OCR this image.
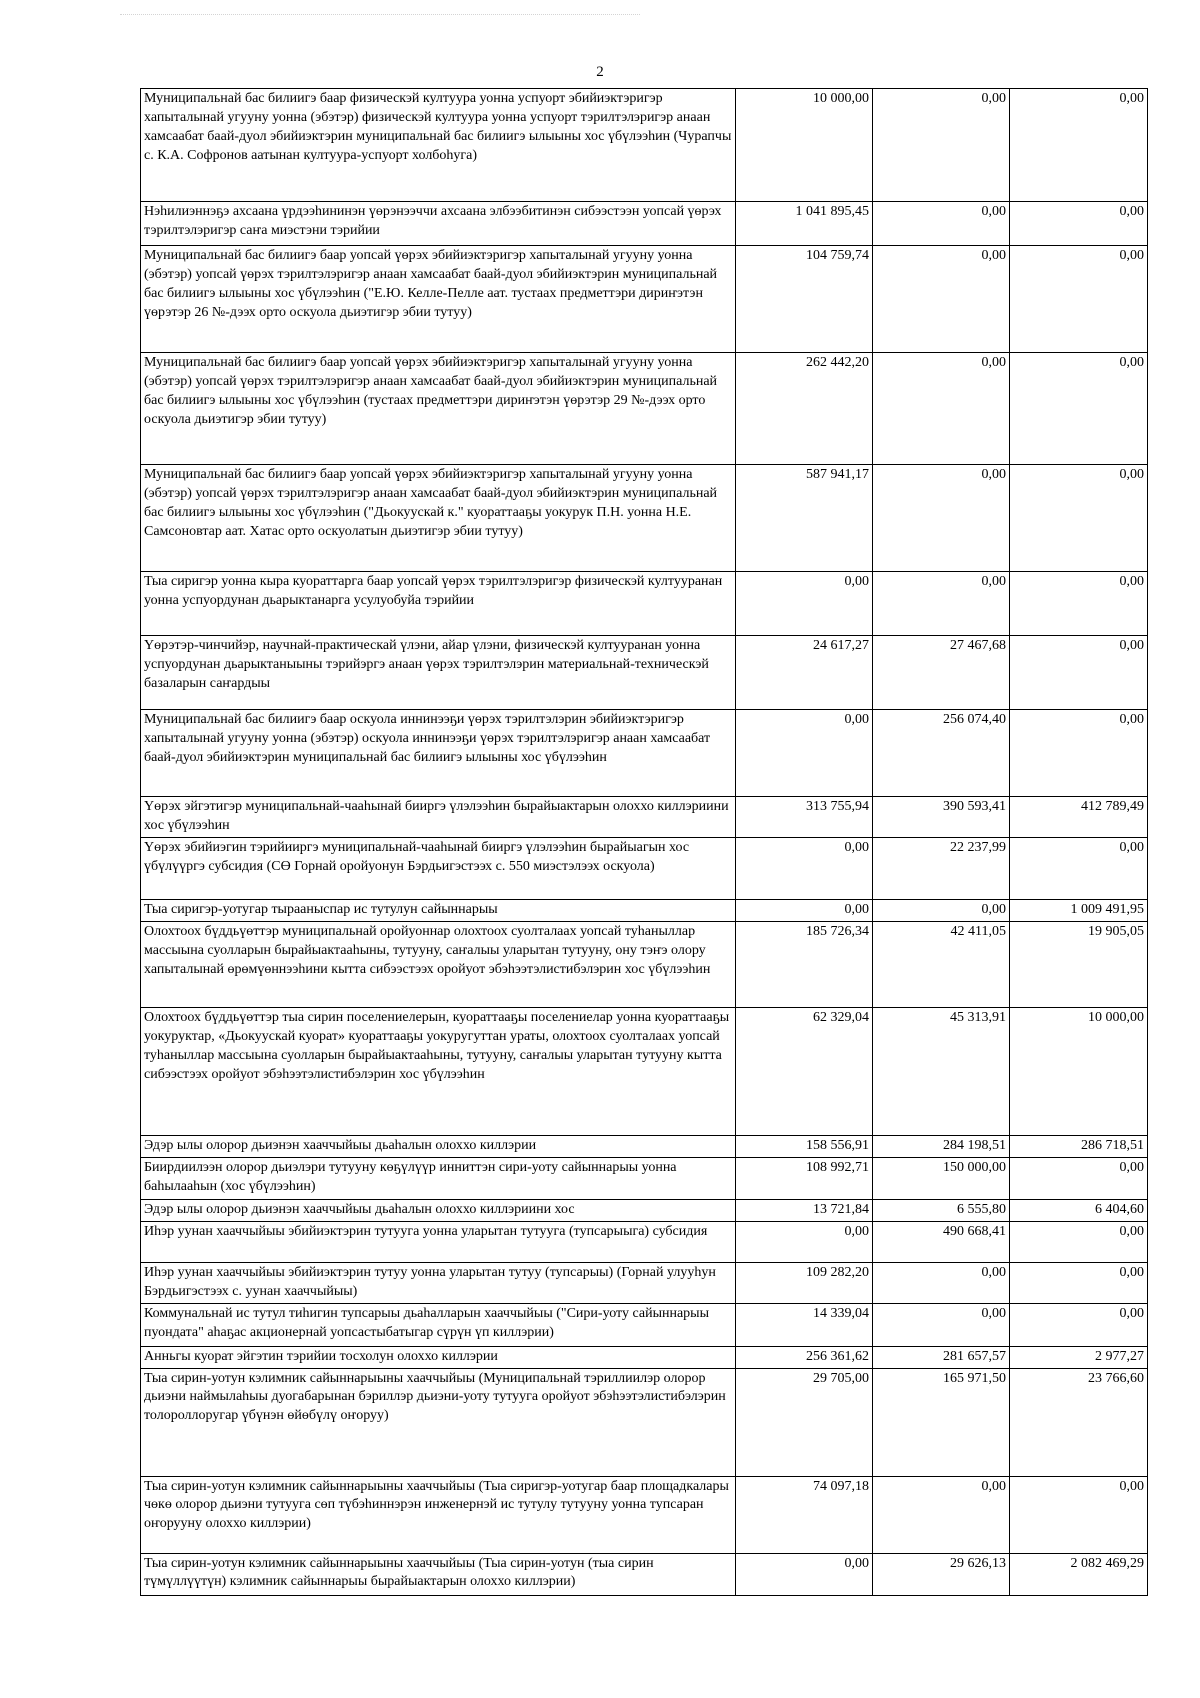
2
Муниципальнай бас билиигэ баар физическэй култуура уонна успуорт эбийиэктэригэр хапыталынай угууну уонна (эбэтэр) физическэй култуура уонна успуорт тэрилтэлэригэр анаан хамсаабат баай-дуол эбийиэктэрин муниципальнай бас билиигэ ылыыны хос үбүлээһин (Чурапчы с. К.А. Софронов аатынан култуура-успуорт холбоһуга)	10 000,00	0,00	0,00
Нэһилиэннэҕэ ахсаана үрдээһининэн үөрэнээччи ахсаана элбээбитинэн сибээстээн уопсай үөрэх тэрилтэлэригэр саҥа миэстэни тэрийии	1 041 895,45	0,00	0,00
Муниципальнай бас билиигэ баар уопсай үөрэх эбийиэктэригэр хапыталынай угууну уонна (эбэтэр) уопсай үөрэх тэрилтэлэригэр анаан хамсаабат баай-дуол эбийиэктэрин муниципальнай бас билиигэ ылыыны хос үбүлээһин ("Е.Ю. Келле-Пелле аат. тустаах предметтэри дириҥэтэн үөрэтэр 26 №-дээх орто оскуола дьиэтигэр эбии тутуу)	104 759,74	0,00	0,00
Муниципальнай бас билиигэ баар уопсай үөрэх эбийиэктэригэр хапыталынай угууну уонна (эбэтэр) уопсай үөрэх тэрилтэлэригэр анаан хамсаабат баай-дуол эбийиэктэрин муниципальнай бас билиигэ ылыыны хос үбүлээһин (тустаах предметтэри дириҥэтэн үөрэтэр 29 №-дээх орто оскуола дьиэтигэр эбии тутуу)	262 442,20	0,00	0,00
Муниципальнай бас билиигэ баар уопсай үөрэх эбийиэктэригэр хапыталынай угууну уонна (эбэтэр) уопсай үөрэх тэрилтэлэригэр анаан хамсаабат баай-дуол эбийиэктэрин муниципальнай бас билиигэ ылыыны хос үбүлээһин ("Дьокуускай к." куораттааҕы уокурук П.Н. уонна Н.Е. Самсоновтар аат. Хатас орто оскуолатын дьиэтигэр эбии тутуу)	587 941,17	0,00	0,00
Тыа сиригэр уонна кыра куораттарга баар уопсай үөрэх тэрилтэлэригэр физическэй култууранан уонна успуордунан дьарыктанарга усулуобуйа тэрийии	0,00	0,00	0,00
Үөрэтэр-чинчийэр, научнай-практическай үлэни, айар үлэни, физическэй култууранан уонна успуордунан дьарыктаныыны тэрийэргэ анаан үөрэх тэрилтэлэрин материальнай-техническэй базаларын саҥардыы	24 617,27	27 467,68	0,00
Муниципальнай бас билиигэ баар оскуола иннинээҕи үөрэх тэрилтэлэрин эбийиэктэригэр хапыталынай угууну уонна (эбэтэр) оскуола иннинээҕи үөрэх тэрилтэлэригэр анаан хамсаабат баай-дуол эбийиэктэрин муниципальнай бас билиигэ ылыыны хос үбүлээһин	0,00	256 074,40	0,00
Үөрэх эйгэтигэр муниципальнай-чааһынай бииргэ үлэлээһин бырайыактарын олоххо киллэриини хос үбүлээһин	313 755,94	390 593,41	412 789,49
Үөрэх эбийиэгин тэрийииргэ муниципальнай-чааһынай бииргэ үлэлээһин бырайыагын хос үбүлүүргэ субсидия (СӨ Горнай оройуонун Бэрдьигэстээх с. 550 миэстэлээх оскуола)	0,00	22 237,99	0,00
Тыа сиригэр-уотугар тырааныспар ис тутулун сайыннарыы	0,00	0,00	1 009 491,95
Олохтоох бүддьүөттэр муниципальнай оройуоннар олохтоох суолталаах уопсай туһаныллар массыына суолларын бырайыактааһыны, тутууну, саҥалыы уларытан тутууну, ону тэҥэ олору хапыталынай өрөмүөннээһини кытта сибээстээх оройуот эбэһээтэлистибэлэрин хос үбүлээһин	185 726,34	42 411,05	19 905,05
Олохтоох бүддьүөттэр тыа сирин поселениелерын, куораттааҕы поселениелар уонна куораттааҕы уокуруктар, «Дьокуускай куорат» куораттааҕы уокуругуттан ураты, олохтоох суолталаах уопсай туһаныллар массыына суолларын бырайыактааһыны, тутууну, саҥалыы уларытан тутууну кытта сибээстээх оройуот эбэһээтэлистибэлэрин хос үбүлээһин	62 329,04	45 313,91	10 000,00
Эдэр ылы олорор дьиэнэн хааччыйыы дьаһалын олоххо киллэрии	158 556,91	284 198,51	286 718,51
Биирдиилээн олорор дьиэлэри тутууну көҕүлүүр инниттэн сири-уоту сайыннарыы уонна баһылааһын (хос үбүлээһин)	108 992,71	150 000,00	0,00
Эдэр ылы олорор дьиэнэн хааччыйыы дьаһалын олоххо киллэриини хос	13 721,84	6 555,80	6 404,60
Иһэр уунан хааччыйыы эбийиэктэрин тутууга уонна уларытан тутууга (тупсарыыга) субсидия	0,00	490 668,41	0,00
Иһэр уунан хааччыйыы эбийиэктэрин тутуу уонна уларытан тутуу (тупсарыы) (Горнай улууһун Бэрдьигэстээх с. уунан хааччыйыы)	109 282,20	0,00	0,00
Коммунальнай ис тутул тиһигин тупсарыы дьаһалларын хааччыйыы ("Сири-уоту сайыннарыы пуондата" аһаҕас акционернай уопсастыбатыгар сүрүн үп киллэрии)	14 339,04	0,00	0,00
Анньгы куорат эйгэтин тэрийии тосхолун олоххо киллэрии	256 361,62	281 657,57	2 977,27
Тыа сирин-уотун кэлимник сайыннарыыны хааччыйыы (Муниципальнай тэриллиилэр олорор дьиэни наймылаһыы дуогабарынан бэриллэр дьиэни-уоту тутууга оройуот эбэһээтэлистибэлэрин толороллоругар үбүнэн өйөбүлү оҥоруу)	29 705,00	165 971,50	23 766,60
Тыа сирин-уотун кэлимник сайыннарыыны хааччыйыы (Тыа сиригэр-уотугар баар площадкалары чөкө олорор дьиэни тутууга сөп түбэһиннэрэн инженернэй ис тутулу тутууну уонна тупсаран оҥорууну олоххо киллэрии)	74 097,18	0,00	0,00
Тыа сирин-уотун кэлимник сайыннарыыны хааччыйыы (Тыа сирин-уотун (тыа сирин түмүллүүтүн) кэлимник сайыннарыы бырайыактарын олоххо киллэрии)	0,00	29 626,13	2 082 469,29
